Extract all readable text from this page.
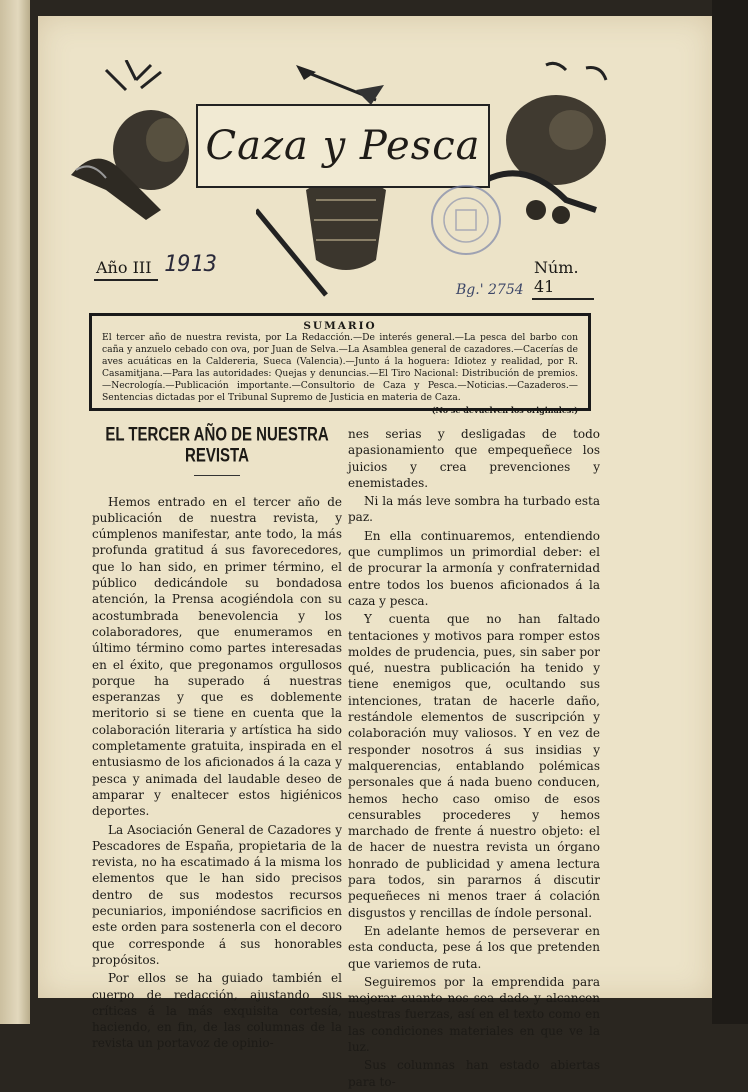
Caza y Pesca
Año III 1913
Bg.' 2754
Núm. 41
SUMARIO
El tercer año de nuestra revista, por La Redacción.—De interés general.—La pesca del barbo con caña y anzuelo cebado con ova, por Juan de Selva.—La Asamblea general de cazadores.—Cacerías de aves acuáticas en la Caldereria, Sueca (Valencia).—Junto á la hoguera: Idiotez y realidad, por R. Casamitjana.—Para las autoridades: Quejas y denuncias.—El Tiro Nacional: Distribución de premios.—Necrología.—Publicación importante.—Consultorio de Caza y Pesca.—Noticias.—Cazaderos.—Sentencias dictadas por el Tribunal Supremo de Justicia en materia de Caza.
(No se devuelven los originales.)
EL TERCER AÑO DE NUESTRA REVISTA

Hemos entrado en el tercer año de publicación de nuestra revista, y cúmplenos manifestar, ante todo, la más profunda gratitud á sus favorecedores, que lo han sido, en primer término, el público dedicándole su bondadosa atención, la Prensa acogiéndola con su acostumbrada benevolencia y los colaboradores, que enumeramos en último término como partes interesadas en el éxito, que pregonamos orgullosos porque ha superado á nuestras esperanzas y que es doblemente meritorio si se tiene en cuenta que la colaboración literaria y artística ha sido completamente gratuita, inspirada en el entusiasmo de los aficionados á la caza y pesca y animada del laudable deseo de amparar y enaltecer estos higiénicos deportes.

La Asociación General de Cazadores y Pescadores de España, propietaria de la revista, no ha escatimado á la misma los elementos que le han sido precisos dentro de sus modestos recursos pecuniarios, imponiéndose sacrificios en este orden para sostenerla con el decoro que corresponde á sus honorables propósitos.

Por ellos se ha guiado también el cuerpo de redacción, ajustando sus críticas á la más exquisita cortesía, haciendo, en fin, de las columnas de la revista un portavoz de opinio-

nes serias y desligadas de todo apasionamiento que empequeñece los juicios y crea prevenciones y enemistades.

Ni la más leve sombra ha turbado esta paz.

En ella continuaremos, entendiendo que cumplimos un primordial deber: el de procurar la armonía y confraternidad entre todos los buenos aficionados á la caza y pesca.

Y cuenta que no han faltado tentaciones y motivos para romper estos moldes de prudencia, pues, sin saber por qué, nuestra publicación ha tenido y tiene enemigos que, ocultando sus intenciones, tratan de hacerle daño, restándole elementos de suscripción y colaboración muy valiosos. Y en vez de responder nosotros á sus insidias y malquerencias, entablando polémicas personales que á nada bueno conducen, hemos hecho caso omiso de esos censurables procederes y hemos marchado de frente á nuestro objeto: el de hacer de nuestra revista un órgano honrado de publicidad y amena lectura para todos, sin pararnos á discutir pequeñeces ni menos traer á colación disgustos y rencillas de índole personal.

En adelante hemos de perseverar en esta conducta, pese á los que pretenden que variemos de ruta.

Seguiremos por la emprendida para mejorar cuanto nos sea dado y alcancen nuestras fuerzas, así en el texto como en las condiciones materiales en que ve la luz.

Sus columnas han estado abiertas para to-
